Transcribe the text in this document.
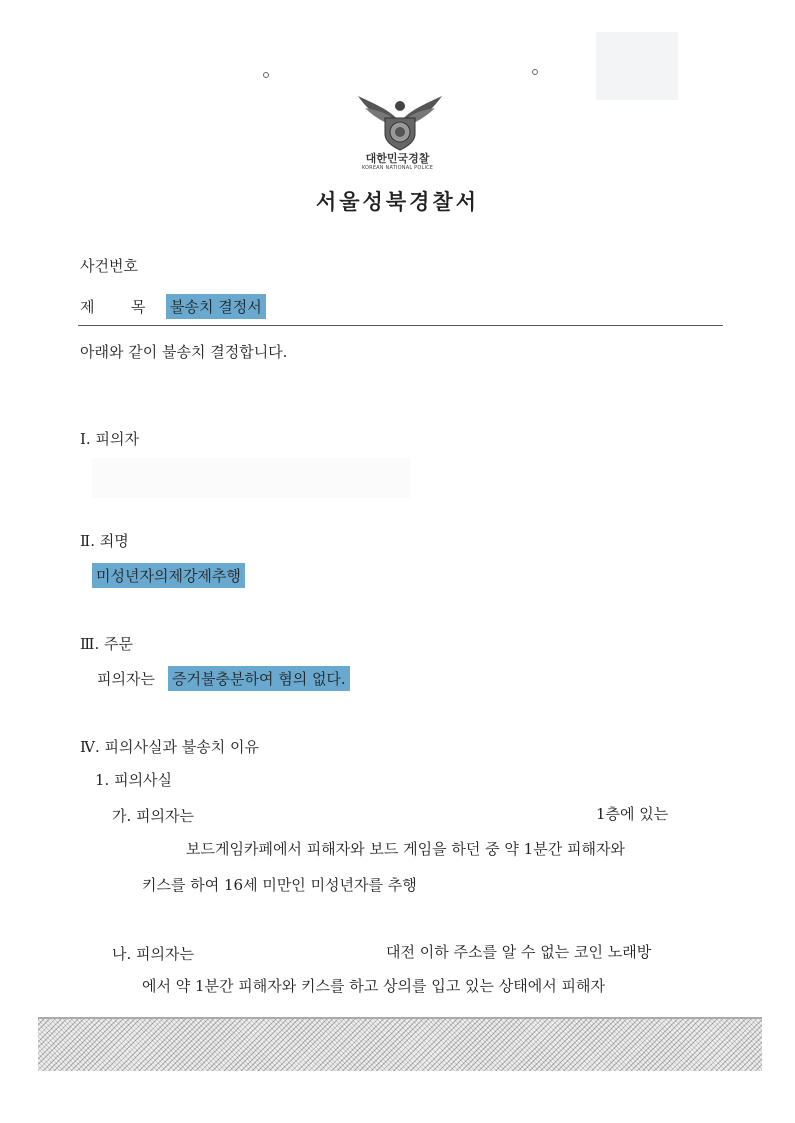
대한민국경찰
KOREAN NATIONAL POLICE
서울성북경찰서
사건번호
제 목 불송치 결정서
아래와 같이 불송치 결정합니다.
Ⅰ. 피의자
Ⅱ. 죄명
미성년자의제강제추행
Ⅲ. 주문
피의자는 증거불충분하여 혐의 없다.
Ⅳ. 피의사실과 불송치 이유
1. 피의사실
가. 피의자는	1층에 있는
보드게임카페에서 피해자와 보드 게임을 하던 중 약 1분간 피해자와
키스를 하여 16세 미만인 미성년자를 추행
나. 피의자는	대전 이하 주소를 알 수 없는 코인 노래방
에서 약 1분간 피해자와 키스를 하고 상의를 입고 있는 상태에서 피해자
